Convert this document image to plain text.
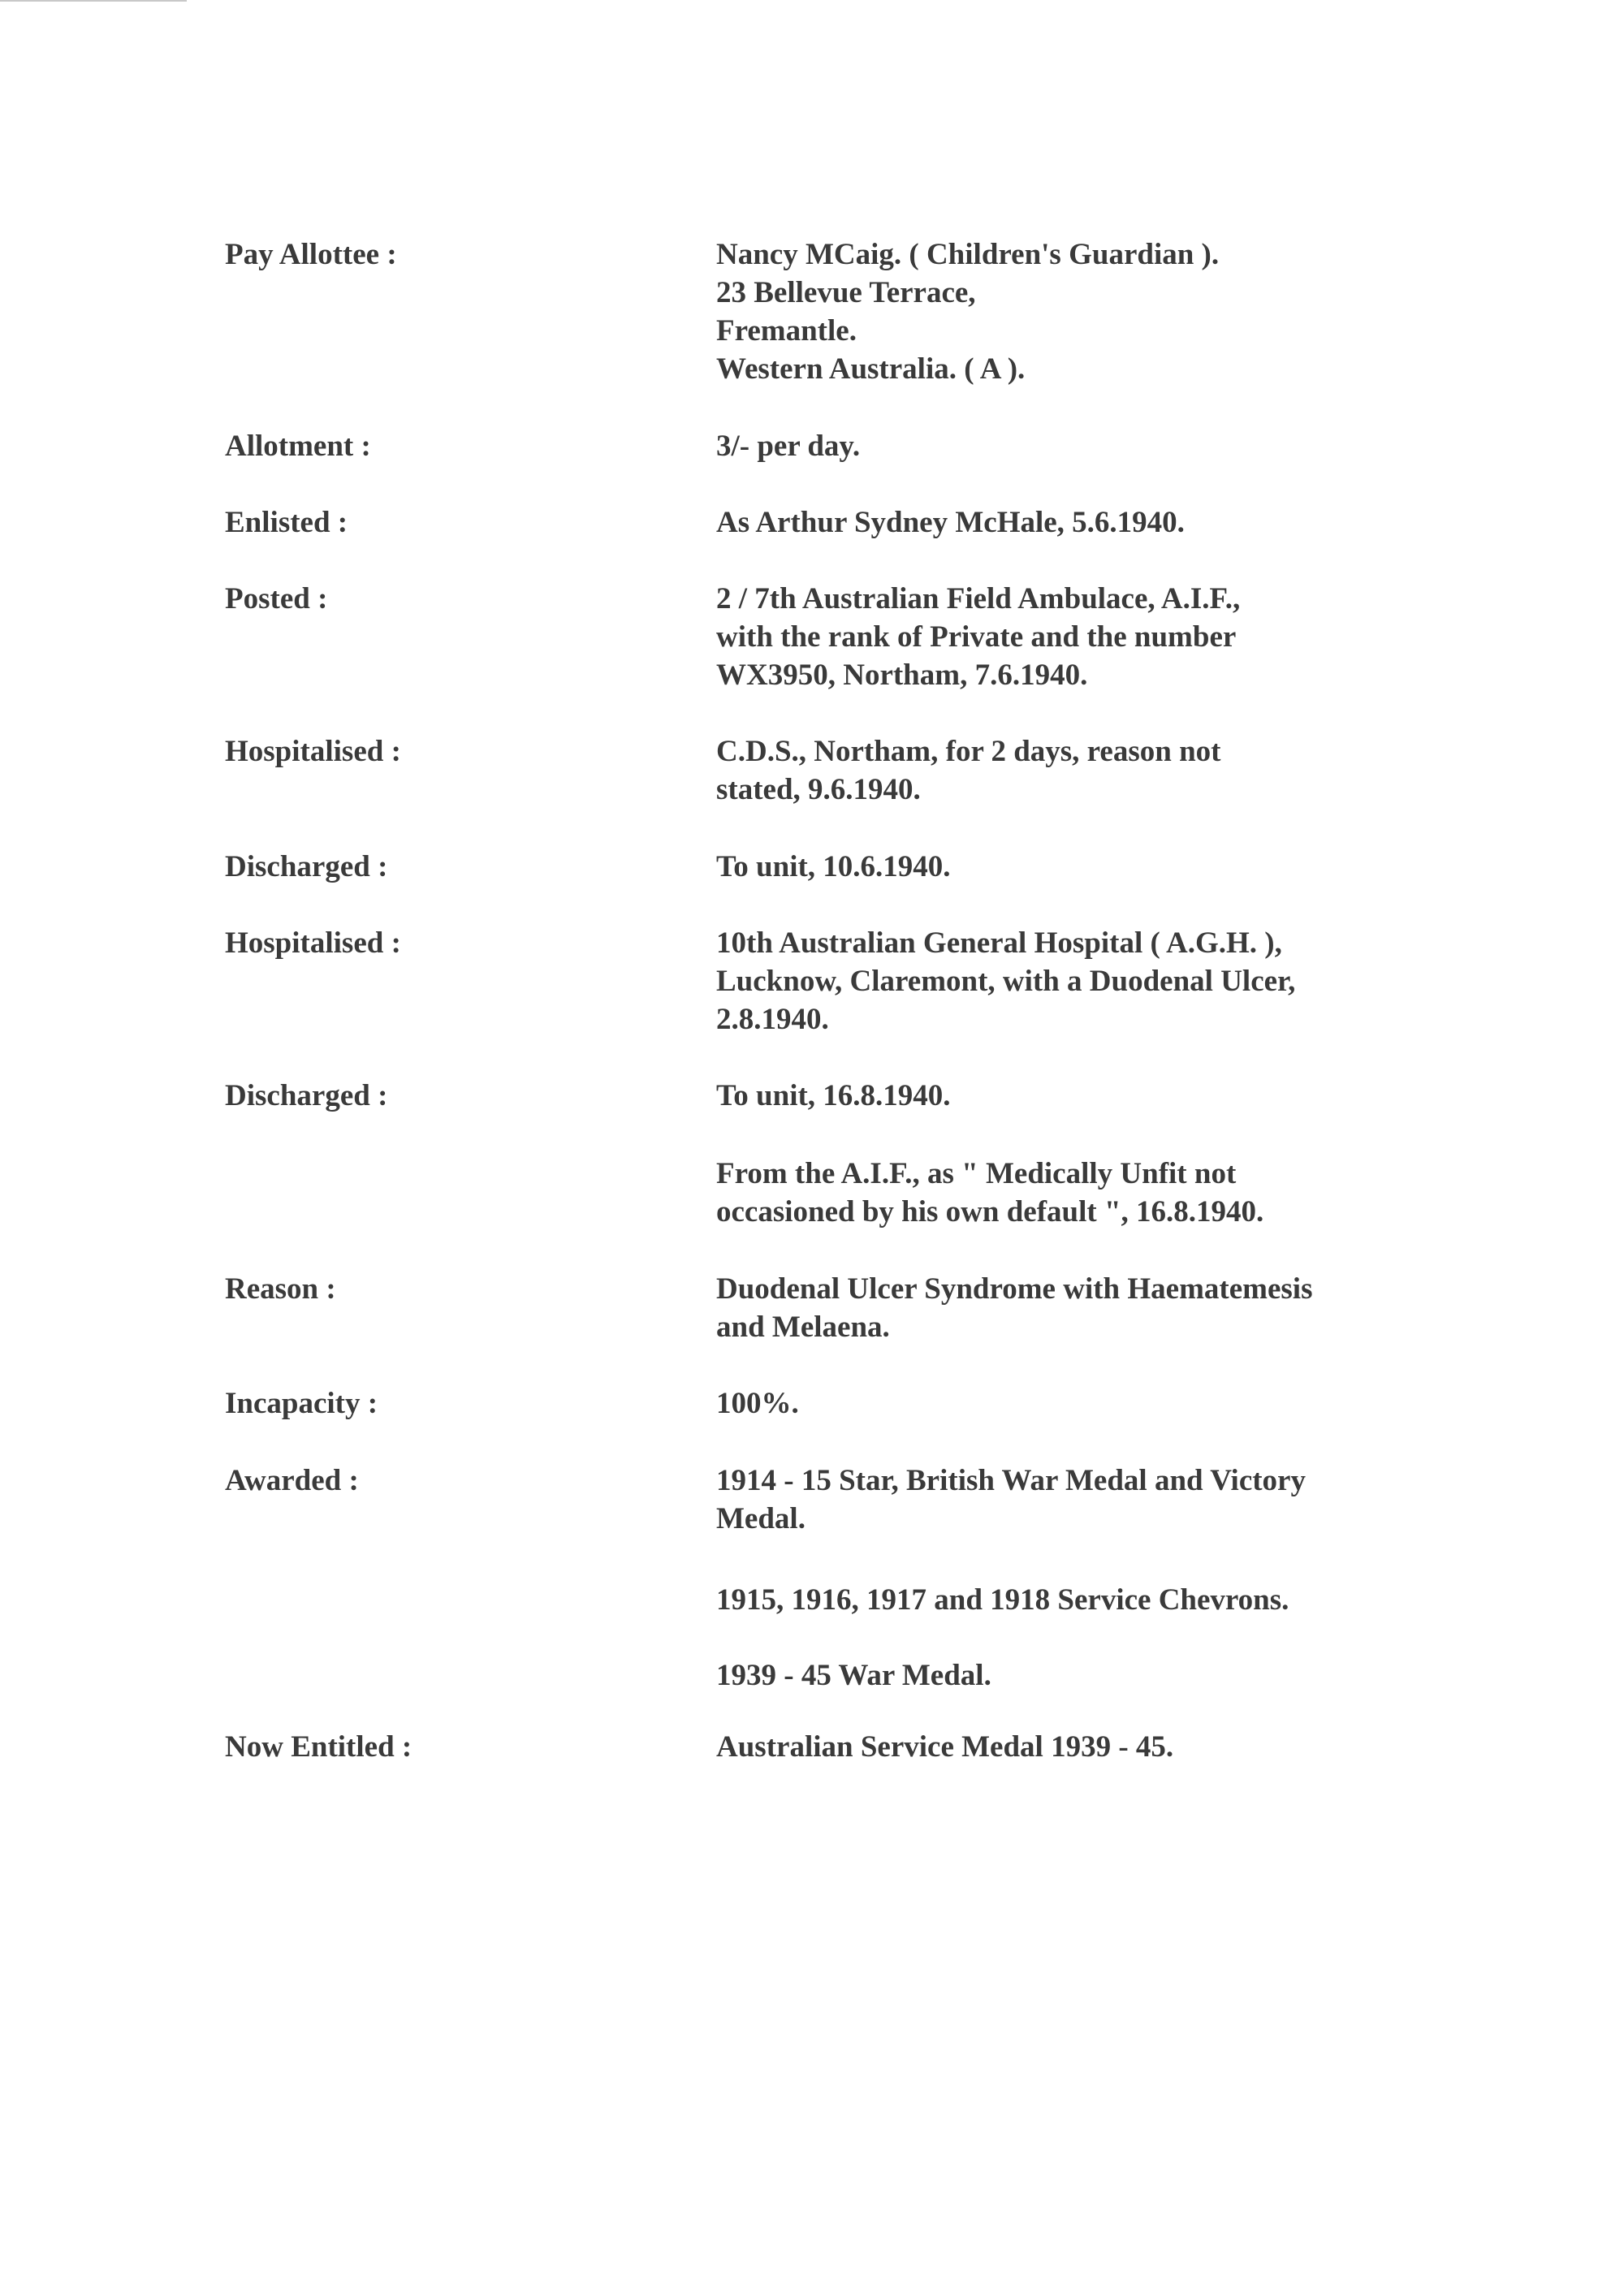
Pay Allottee :	Nancy MCaig. ( Children's Guardian ).
23 Bellevue Terrace,
Fremantle.
Western Australia. ( A ).
Allotment :	3/- per day.
Enlisted :	As Arthur Sydney McHale, 5.6.1940.
Posted :	2 / 7th Australian Field Ambulace, A.I.F.,
with the rank of Private and the number
WX3950, Northam, 7.6.1940.
Hospitalised :	C.D.S., Northam, for 2 days, reason not
stated, 9.6.1940.
Discharged :	To unit, 10.6.1940.
Hospitalised :	10th Australian General Hospital ( A.G.H. ),
Lucknow, Claremont, with a Duodenal Ulcer,
2.8.1940.
Discharged :	To unit, 16.8.1940.
From the A.I.F., as " Medically Unfit not
occasioned by his own default ", 16.8.1940.
Reason :	Duodenal Ulcer Syndrome with Haematemesis
and Melaena.
Incapacity :	100%.
Awarded :	1914 - 15 Star, British War Medal and Victory
Medal.
1915, 1916, 1917 and 1918 Service Chevrons.
1939 - 45 War Medal.
Now Entitled :	Australian Service Medal 1939 - 45.
